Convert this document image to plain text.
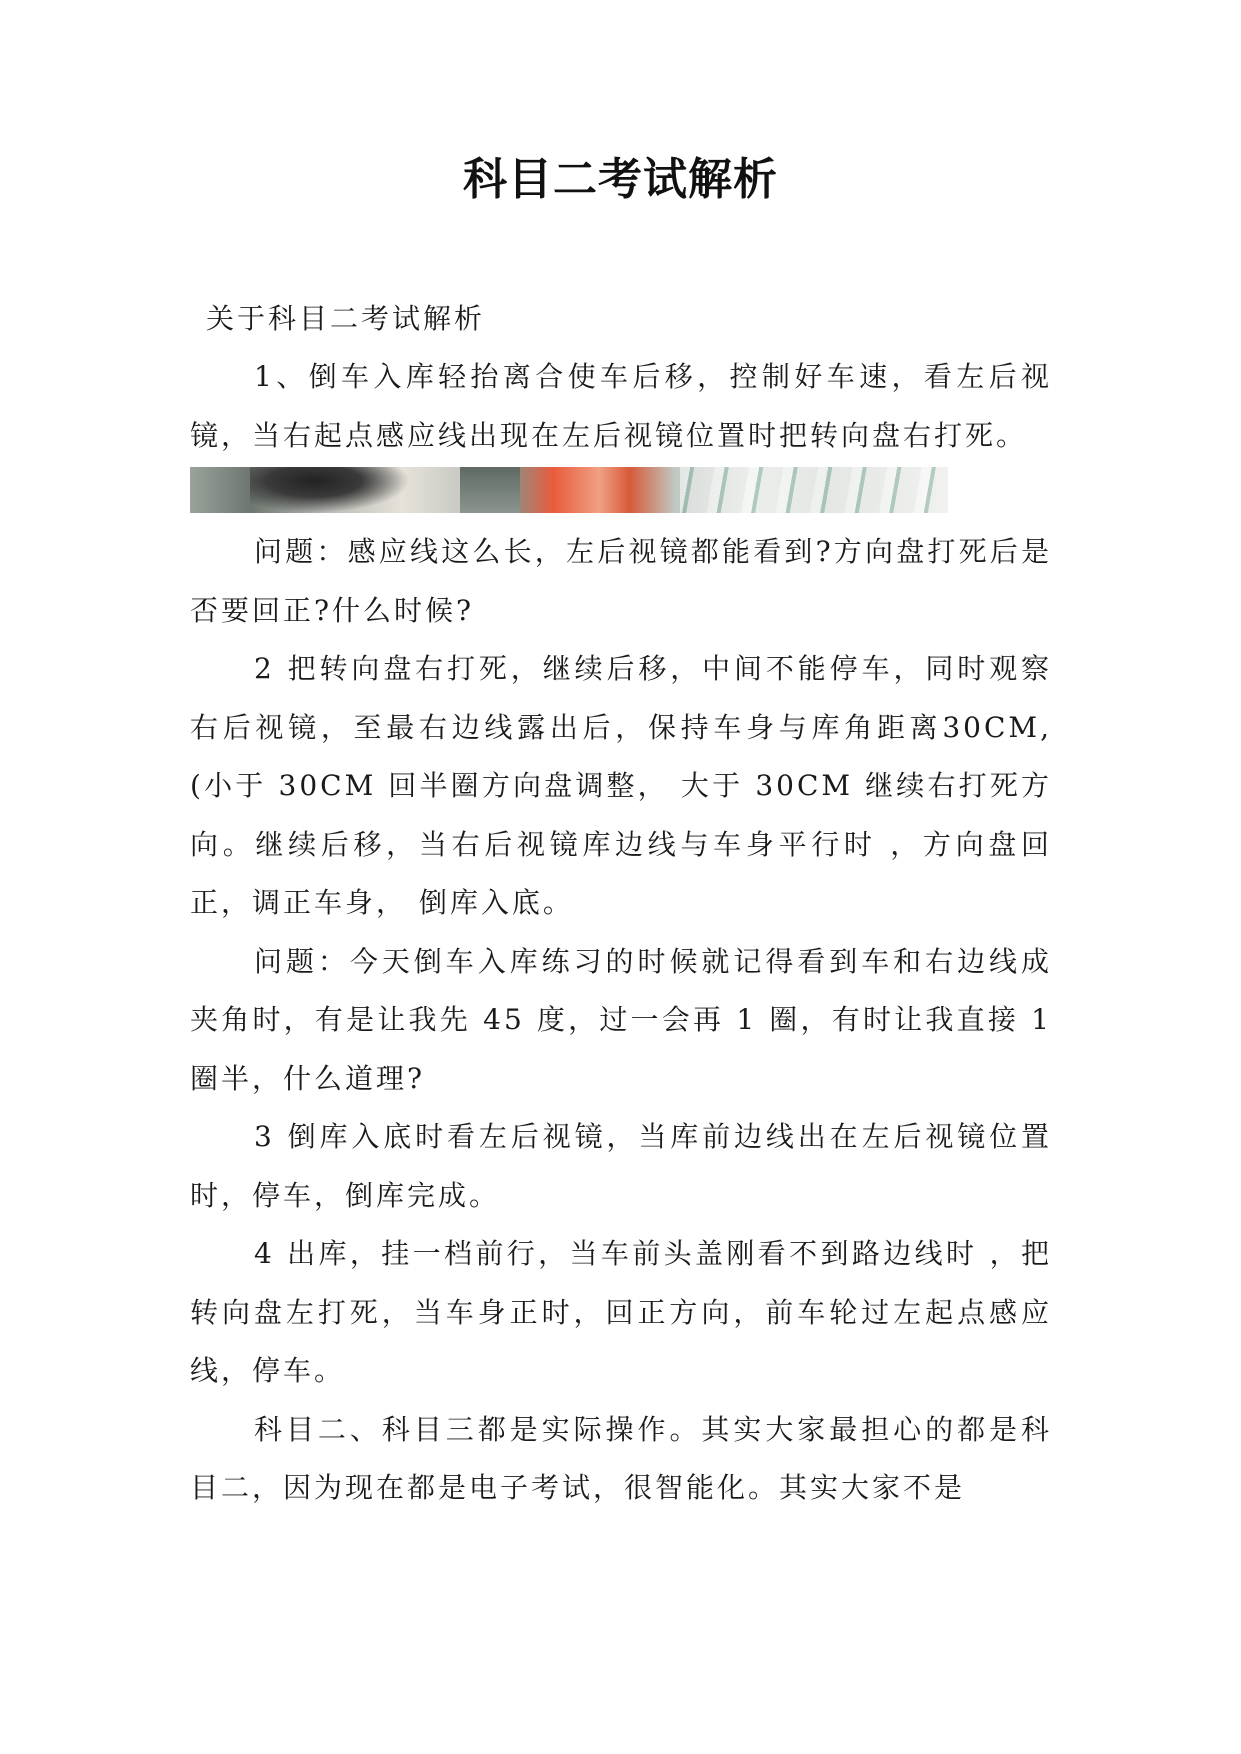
科目二考试解析

关于科目二考试解析

1、倒车入库轻抬离合使车后移，控制好车速，看左后视镜，当右起点感应线出现在左后视镜位置时把转向盘右打死。

问题：感应线这么长，左后视镜都能看到?方向盘打死后是否要回正?什么时候?

2 把转向盘右打死，继续后移，中间不能停车，同时观察右后视镜，至最右边线露出后，保持车身与库角距离30CM,(小于 30CM 回半圈方向盘调整， 大于 30CM 继续右打死方向。继续后移，当右后视镜库边线与车身平行时 ，方向盘回正，调正车身， 倒库入底。

问题：今天倒车入库练习的时候就记得看到车和右边线成夹角时，有是让我先 45 度，过一会再 1 圈，有时让我直接 1 圈半，什么道理?

3 倒库入底时看左后视镜，当库前边线出在左后视镜位置时，停车，倒库完成。

4 出库，挂一档前行，当车前头盖刚看不到路边线时 ，把转向盘左打死，当车身正时，回正方向，前车轮过左起点感应线，停车。

科目二、科目三都是实际操作。其实大家最担心的都是科目二，因为现在都是电子考试，很智能化。其实大家不是
